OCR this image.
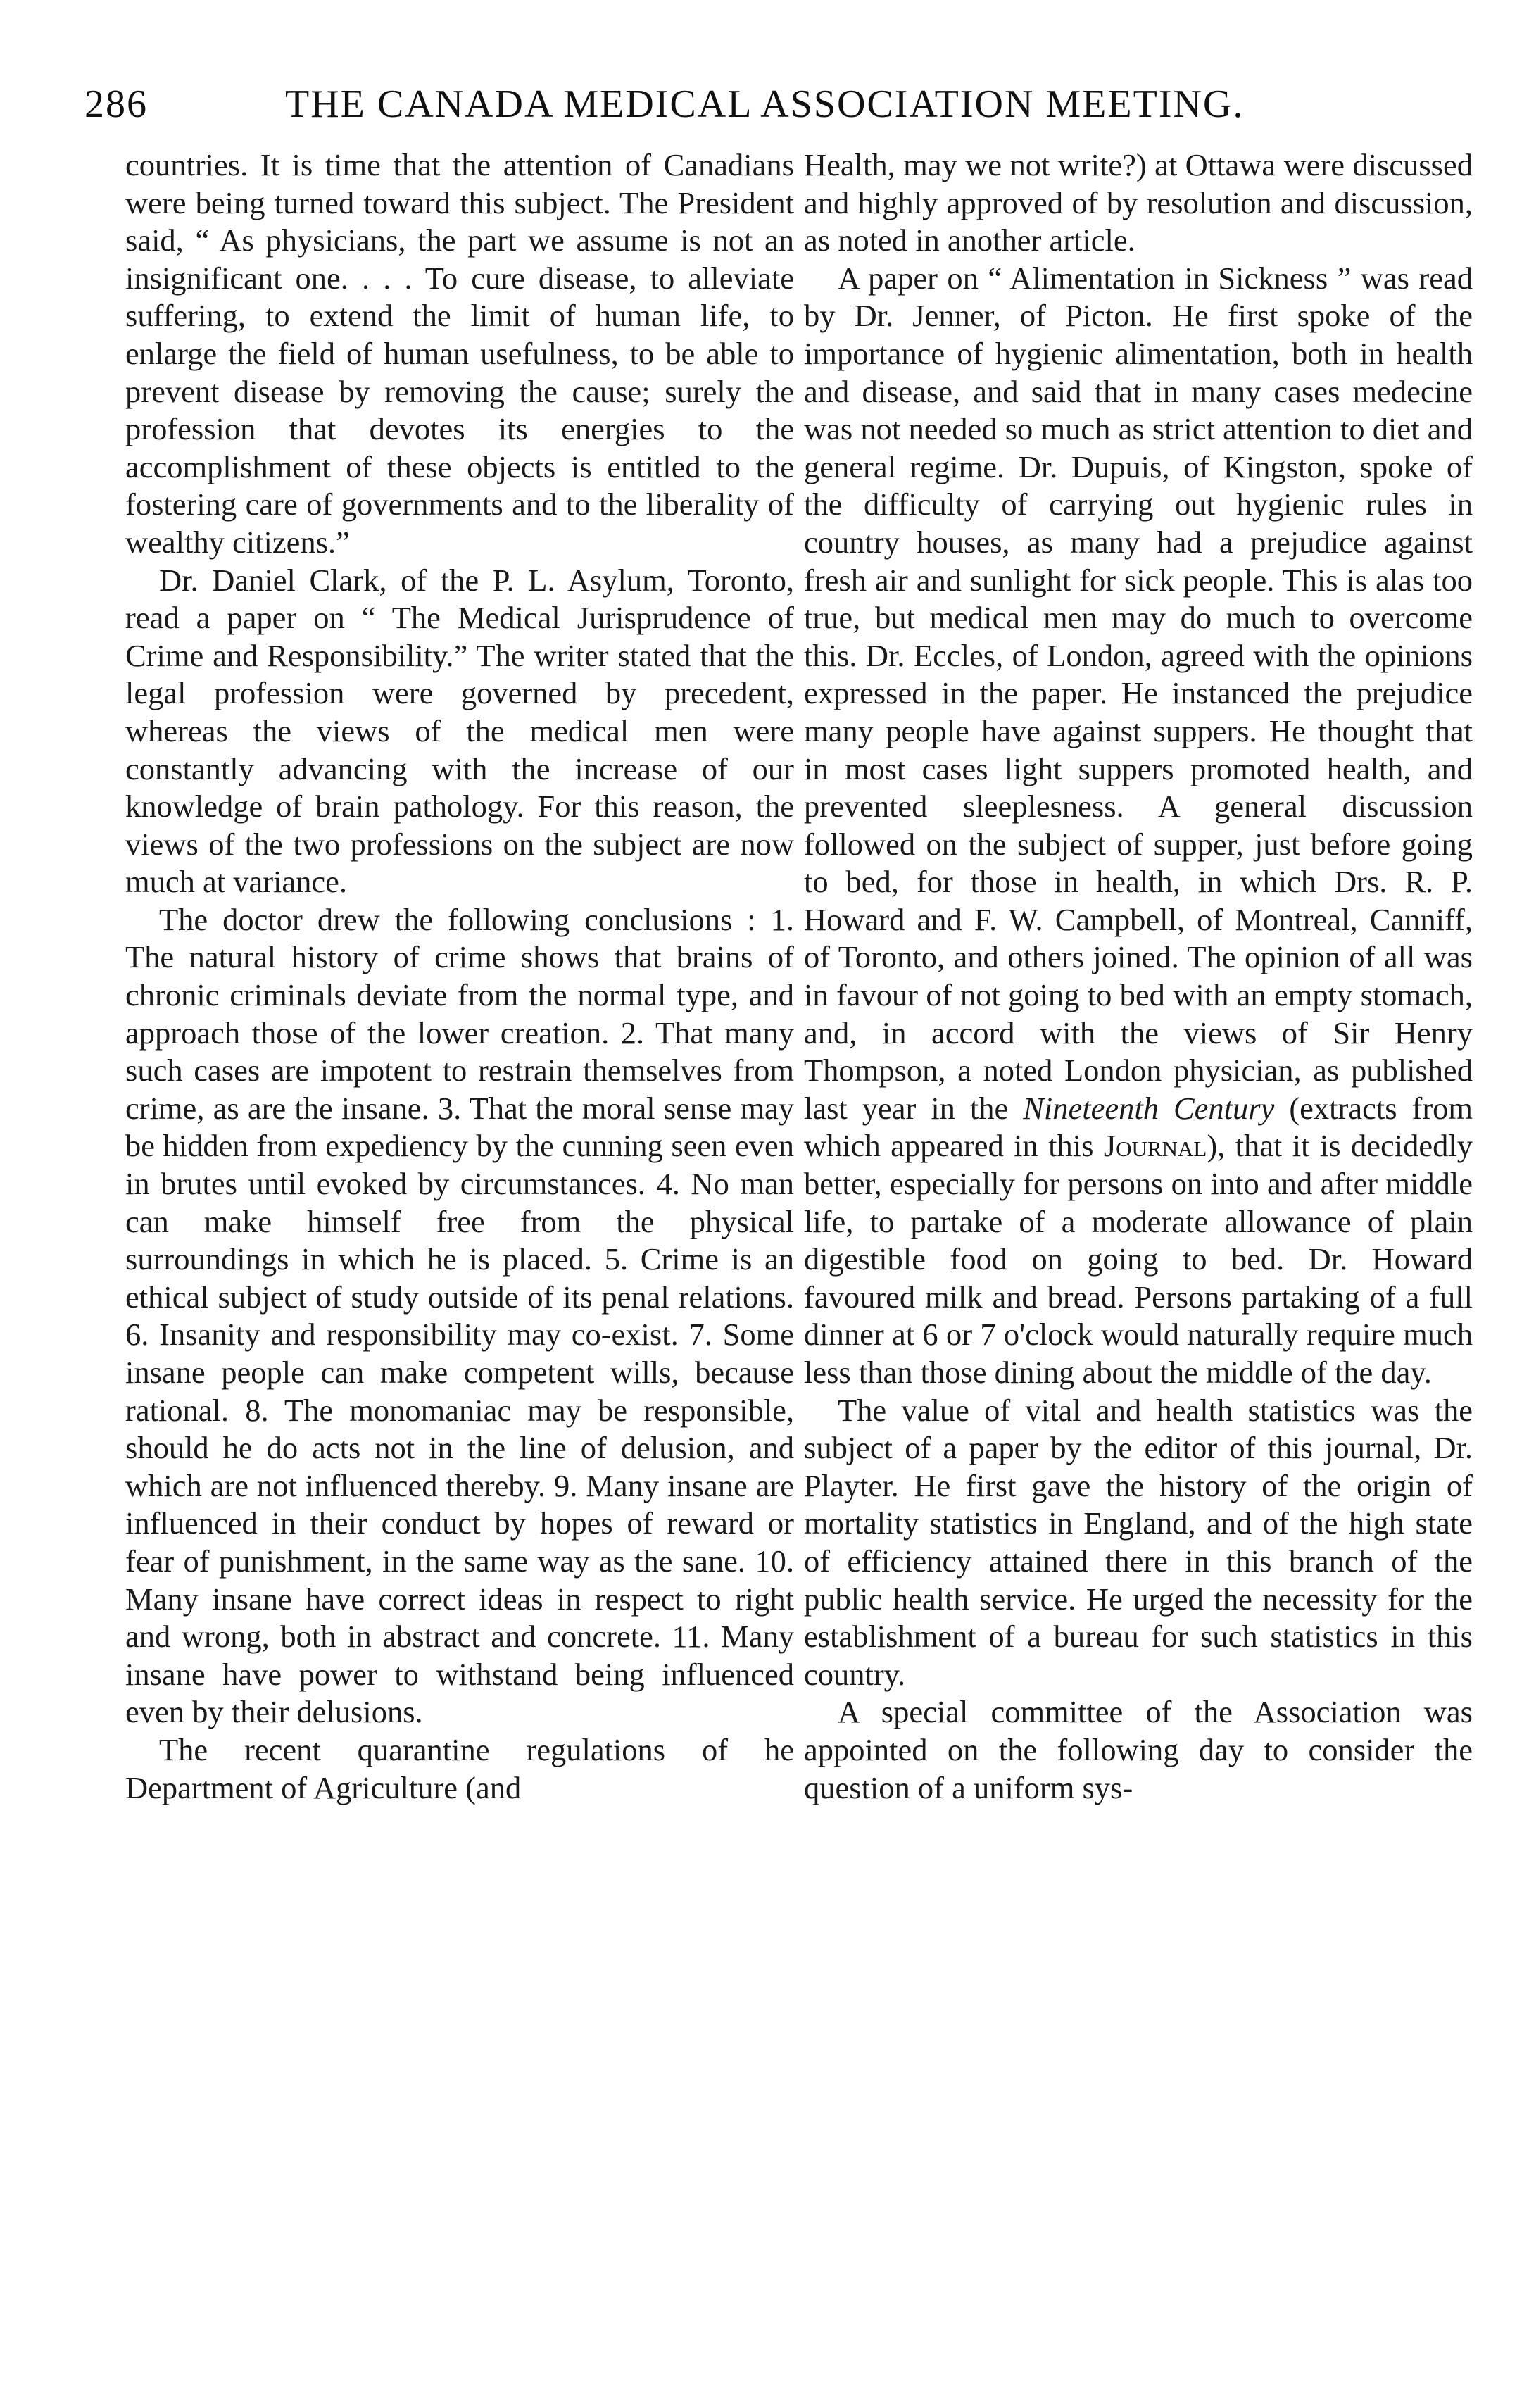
286	THE CANADA MEDICAL ASSOCIATION MEETING.

countries. It is time that the attention of Canadians were being turned toward this subject. The President said, “ As physicians, the part we assume is not an insignificant one. . . . To cure disease, to alleviate suffering, to extend the limit of human life, to enlarge the field of human usefulness, to be able to prevent disease by removing the cause; surely the profession that devotes its energies to the accomplishment of these objects is entitled to the fostering care of governments and to the liberality of wealthy citizens.”

Dr. Daniel Clark, of the P. L. Asylum, Toronto, read a paper on “ The Medical Jurisprudence of Crime and Responsibility.” The writer stated that the legal profession were governed by precedent, whereas the views of the medical men were constantly advancing with the increase of our knowledge of brain pathology. For this reason, the views of the two professions on the subject are now much at variance.

The doctor drew the following conclusions : 1. The natural history of crime shows that brains of chronic criminals deviate from the normal type, and approach those of the lower creation. 2. That many such cases are impotent to restrain themselves from crime, as are the insane. 3. That the moral sense may be hidden from expediency by the cunning seen even in brutes until evoked by circumstances. 4. No man can make himself free from the physical surroundings in which he is placed. 5. Crime is an ethical subject of study outside of its penal relations. 6. Insanity and responsibility may co-exist. 7. Some insane people can make competent wills, because rational. 8. The monomaniac may be responsible, should he do acts not in the line of delusion, and which are not influenced thereby. 9. Many insane are influenced in their conduct by hopes of reward or fear of punishment, in the same way as the sane. 10. Many insane have correct ideas in respect to right and wrong, both in abstract and concrete. 11. Many insane have power to withstand being influenced even by their delusions.

The recent quarantine regulations of he Department of Agriculture (and

Health, may we not write?) at Ottawa were discussed and highly approved of by resolution and discussion, as noted in another article.

A paper on “ Alimentation in Sickness ” was read by Dr. Jenner, of Picton. He first spoke of the importance of hygienic alimentation, both in health and disease, and said that in many cases medecine was not needed so much as strict attention to diet and general regime. Dr. Dupuis, of Kingston, spoke of the difficulty of carrying out hygienic rules in country houses, as many had a prejudice against fresh air and sunlight for sick people. This is alas too true, but medical men may do much to overcome this. Dr. Eccles, of London, agreed with the opinions expressed in the paper. He instanced the prejudice many people have against suppers. He thought that in most cases light suppers promoted health, and prevented sleeplesness. A general discussion followed on the subject of supper, just before going to bed, for those in health, in which Drs. R. P. Howard and F. W. Campbell, of Montreal, Canniff, of Toronto, and others joined. The opinion of all was in favour of not going to bed with an empty stomach, and, in accord with the views of Sir Henry Thompson, a noted London physician, as published last year in the Nineteenth Century (extracts from which appeared in this Journal), that it is decidedly better, especially for persons on into and after middle life, to partake of a moderate allowance of plain digestible food on going to bed. Dr. Howard favoured milk and bread. Persons partaking of a full dinner at 6 or 7 o'clock would naturally require much less than those dining about the middle of the day.

The value of vital and health statistics was the subject of a paper by the editor of this journal, Dr. Playter. He first gave the history of the origin of mortality statistics in England, and of the high state of efficiency attained there in this branch of the public health service. He urged the necessity for the establishment of a bureau for such statistics in this country.

A special committee of the Association was appointed on the following day to consider the question of a uniform sys-
